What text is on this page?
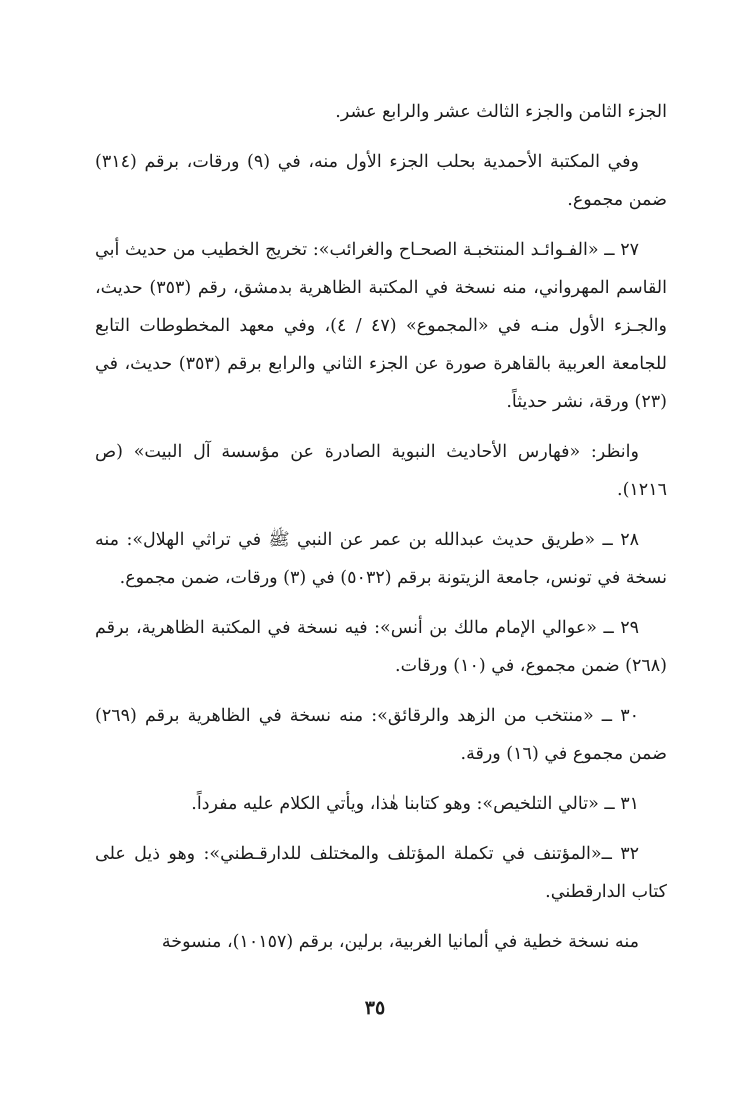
الجزء الثامن والجزء الثالث عشر والرابع عشر.

وفي المكتبة الأحمدية بحلب الجزء الأول منه، في (٩) ورقات، برقم (٣١٤) ضمن مجموع.

٢٧ ــ «الفـوائـد المنتخبـة الصحـاح والغرائب»: تخريج الخطيب من حديث أبي القاسم المهرواني، منه نسخة في المكتبة الظاهرية بدمشق، رقم (٣٥٣) حديث، والجـزء الأول منـه في «المجموع» (٤٧ / ٤)، وفي معهد المخطوطات التابع للجامعة العربية بالقاهرة صورة عن الجزء الثاني والرابع برقم (٣٥٣) حديث، في (٢٣) ورقة، نشر حديثاً.

وانظر: «فهارس الأحاديث النبوية الصادرة عن مؤسسة آل البيت» (ص ١٢١٦).

٢٨ ــ «طريق حديث عبدالله بن عمر عن النبي ﷺ في تراثي الهلال»: منه نسخة في تونس، جامعة الزيتونة برقم (٥٠٣٢) في (٣) ورقات، ضمن مجموع.

٢٩ ــ «عوالي الإمام مالك بن أنس»: فيه نسخة في المكتبة الظاهرية، برقم (٢٦٨) ضمن مجموع، في (١٠) ورقات.

٣٠ ــ «منتخب من الزهد والرقائق»: منه نسخة في الظاهرية برقم (٢٦٩) ضمن مجموع في (١٦) ورقة.

٣١ ــ «تالي التلخيص»: وهو كتابنا هٰذا، ويأتي الكلام عليه مفرداً.

٣٢ ــ«المؤتنف في تكملة المؤتلف والمختلف للدارقـطني»: وهو ذيل على كتاب الدارقطني.

منه نسخة خطية في ألمانيا الغربية، برلين، برقم (١٠١٥٧)، منسوخة

٣٥
